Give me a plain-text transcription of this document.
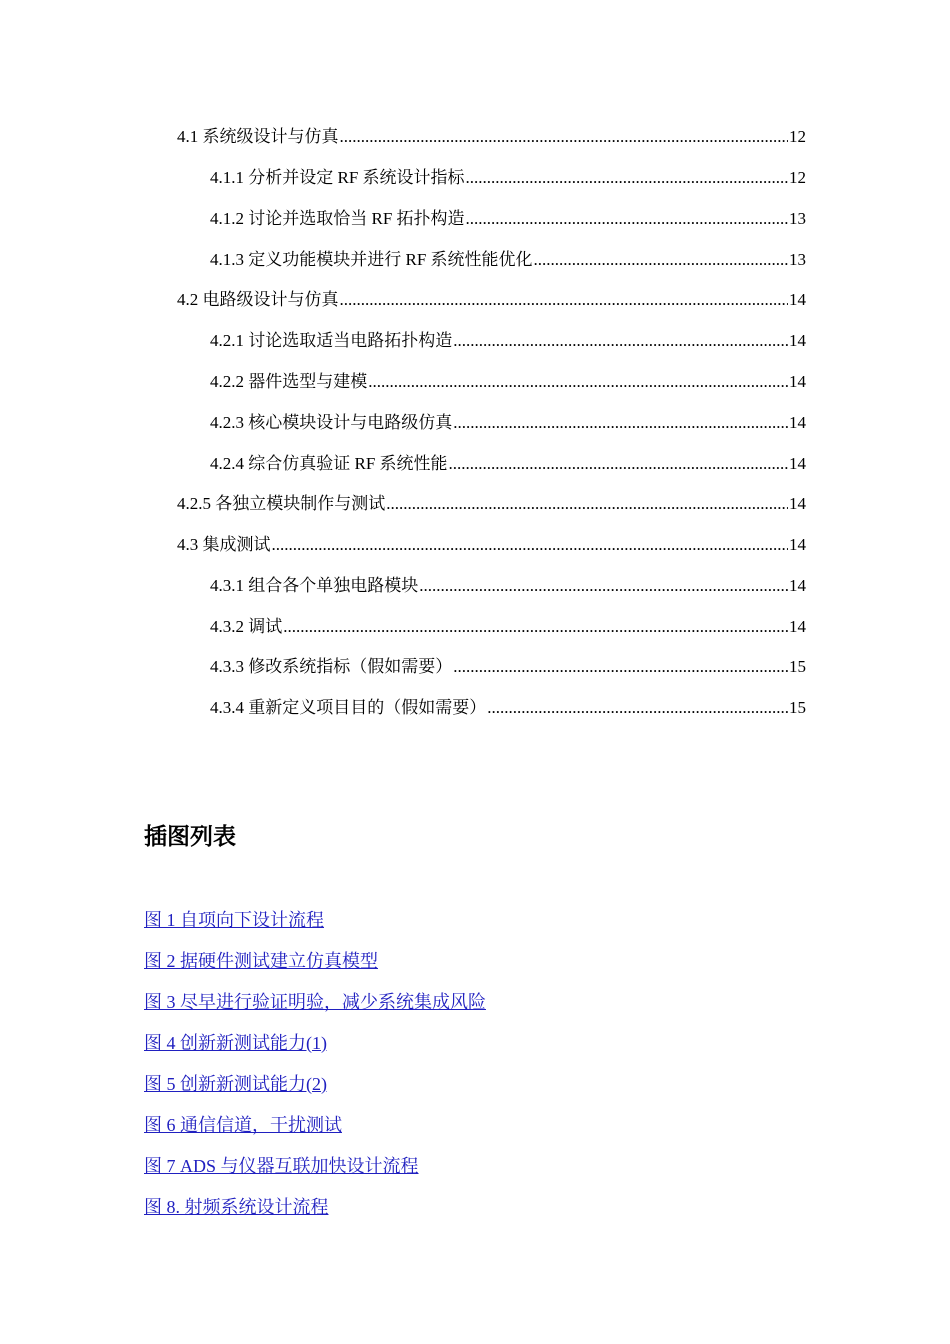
4.1 系统级设计与仿真 .....	12
4.1.1 分析并设定 RF 系统设计指标 .....	12
4.1.2 讨论并选取恰当 RF 拓扑构造 .....	13
4.1.3 定义功能模块并进行 RF 系统性能优化 .....	13
4.2 电路级设计与仿真 .....	14
4.2.1 讨论选取适当电路拓扑构造 .....	14
4.2.2 器件选型与建模 .....	14
4.2.3 核心模块设计与电路级仿真 .....	14
4.2.4 综合仿真验证 RF 系统性能 .....	14
4.2.5 各独立模块制作与测试 .....	14
4.3 集成测试 .....	14
4.3.1 组合各个单独电路模块 .....	14
4.3.2 调试 .....	14
4.3.3 修改系统指标（假如需要） .....	15
4.3.4 重新定义项目目的（假如需要） .....	15
插图列表
图 1 自项向下设计流程
图 2 据硬件测试建立仿真模型
图 3 尽早进行验证明验，减少系统集成风险
图 4 创新新测试能力(1)
图 5 创新新测试能力(2)
图 6 通信信道，干扰测试
图 7 ADS 与仪器互联加快设计流程
图 8. 射频系统设计流程
